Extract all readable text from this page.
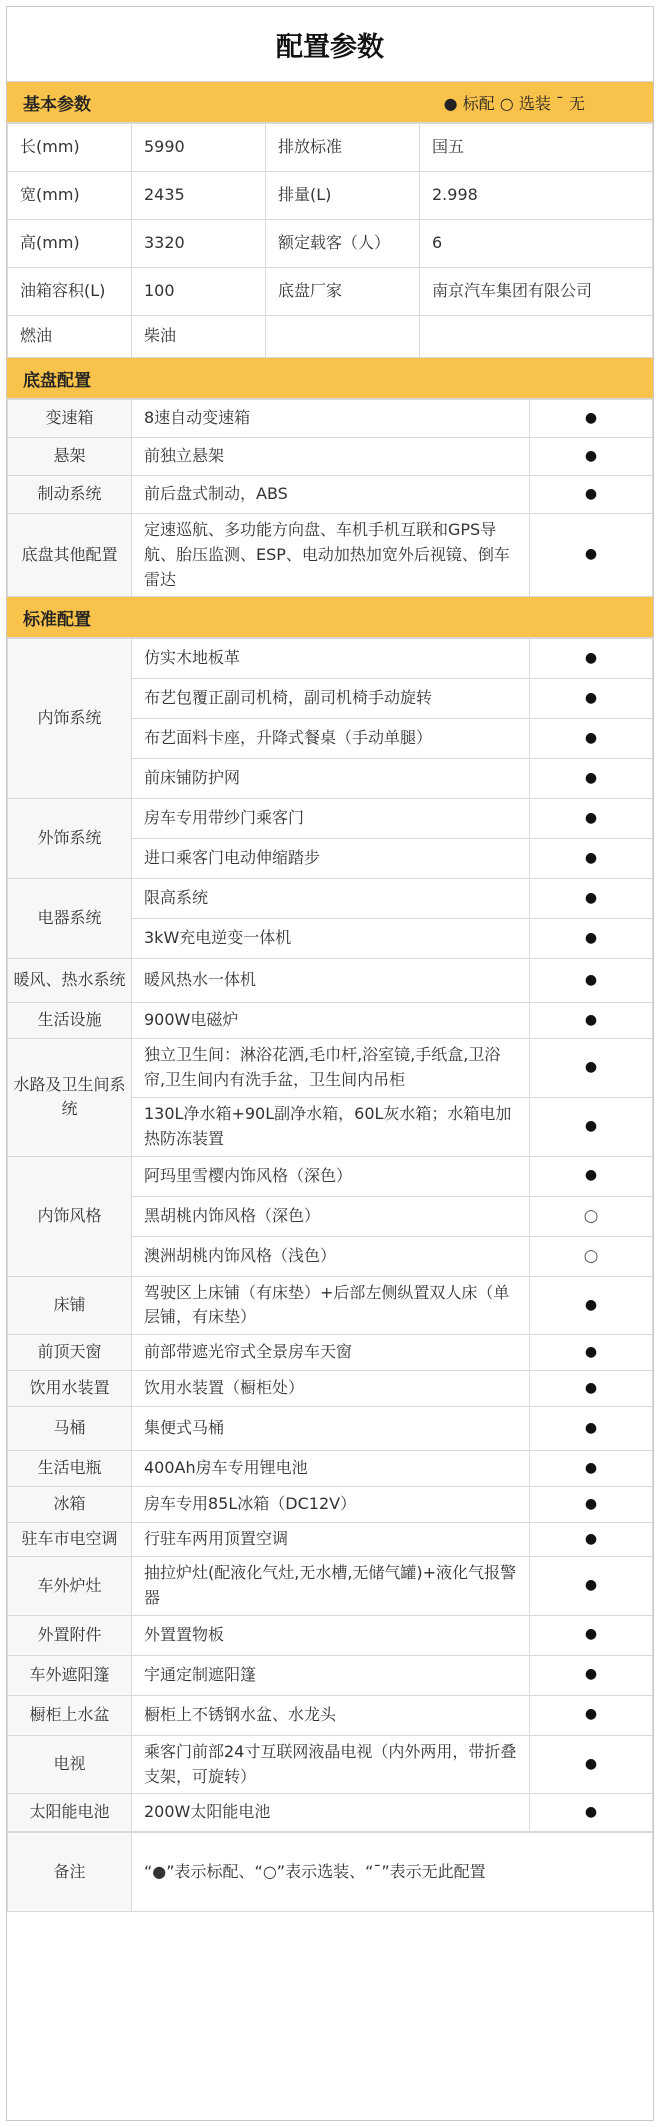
配置参数
基本参数	● 标配 ○ 选装 ˉ 无
长(mm)	5990	排放标准	国五
宽(mm)	2435	排量(L)	2.998
高(mm)	3320	额定载客（人）	6
油箱容积(L)	100	底盘厂家	南京汽车集团有限公司
燃油	柴油		
底盘配置
变速箱	8速自动变速箱	●
悬架	前独立悬架	●
制动系统	前后盘式制动，ABS	●
底盘其他配置	定速巡航、多功能方向盘、车机手机互联和GPS导航、胎压监测、ESP、电动加热加宽外后视镜、倒车雷达	●
标准配置
内饰系统	仿实木地板革	●
	布艺包覆正副司机椅，副司机椅手动旋转	●
	布艺面料卡座，升降式餐桌（手动单腿）	●
	前床铺防护网	●
外饰系统	房车专用带纱门乘客门	●
	进口乘客门电动伸缩踏步	●
电器系统	限高系统	●
	3kW充电逆变一体机	●
暖风、热水系统	暖风热水一体机	●
生活设施	900W电磁炉	●
水路及卫生间系统	独立卫生间：淋浴花洒,毛巾杆,浴室镜,手纸盒,卫浴帘,卫生间内有洗手盆，卫生间内吊柜	●
	130L净水箱+90L副净水箱，60L灰水箱；水箱电加热防冻装置	●
内饰风格	阿玛里雪樱内饰风格（深色）	●
	黑胡桃内饰风格（深色）	○
	澳洲胡桃内饰风格（浅色）	○
床铺	驾驶区上床铺（有床垫）+后部左侧纵置双人床（单层铺，有床垫）	●
前顶天窗	前部带遮光帘式全景房车天窗	●
饮用水装置	饮用水装置（橱柜处）	●
马桶	集便式马桶	●
生活电瓶	400Ah房车专用锂电池	●
冰箱	房车专用85L冰箱（DC12V）	●
驻车市电空调	行驻车两用顶置空调	●
车外炉灶	抽拉炉灶(配液化气灶,无水槽,无储气罐)+液化气报警器	●
外置附件	外置置物板	●
车外遮阳篷	宇通定制遮阳篷	●
橱柜上水盆	橱柜上不锈钢水盆、水龙头	●
电视	乘客门前部24寸互联网液晶电视（内外两用，带折叠支架，可旋转）	●
太阳能电池	200W太阳能电池	●
备注	“●”表示标配、“○”表示选装、“ˉ”表示无此配置
